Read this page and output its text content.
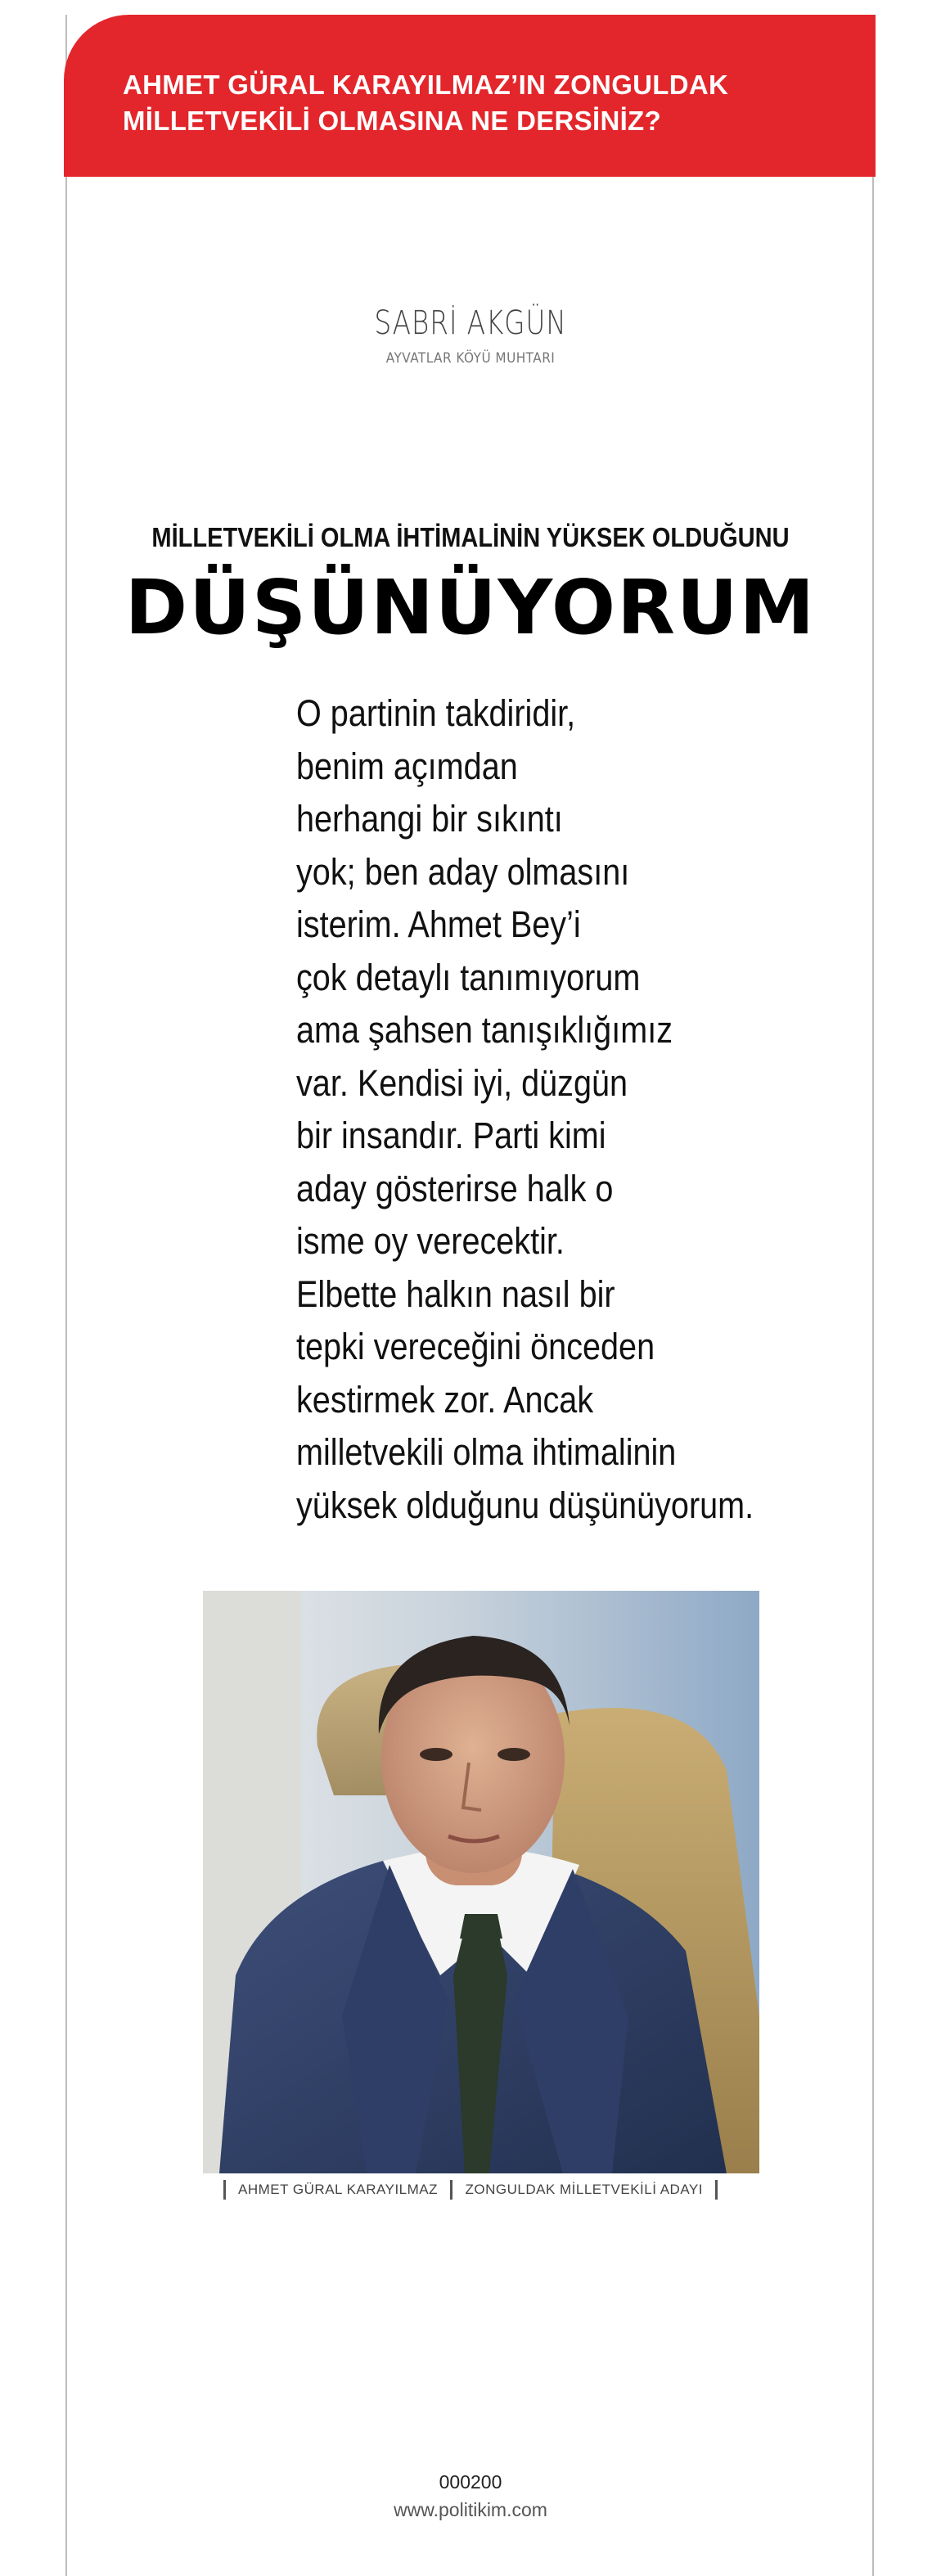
AHMET GÜRAL KARAYILMAZ’IN ZONGULDAK
MİLLETVEKİLİ OLMASINA NE DERSİNİZ?
SABRİ AKGÜN
AYVATLAR KÖYÜ MUHTARI
MİLLETVEKİLİ OLMA İHTİMALİNİN YÜKSEK OLDUĞUNU
DÜŞÜNÜYORUM
O partinin takdiridir,
benim açımdan
herhangi bir sıkıntı
yok; ben aday olmasını
isterim. Ahmet Bey’i
çok detaylı tanımıyorum
ama şahsen tanışıklığımız
var. Kendisi iyi, düzgün
bir insandır. Parti kimi
aday gösterirse halk o
isme oy verecektir.
Elbette halkın nasıl bir
tepki vereceğini önceden
kestirmek zor. Ancak
milletvekili olma ihtimalinin
yüksek olduğunu düşünüyorum.
AHMET GÜRAL KARAYILMAZ ZONGULDAK MİLLETVEKİLİ ADAYI
000200
www.politikim.com
